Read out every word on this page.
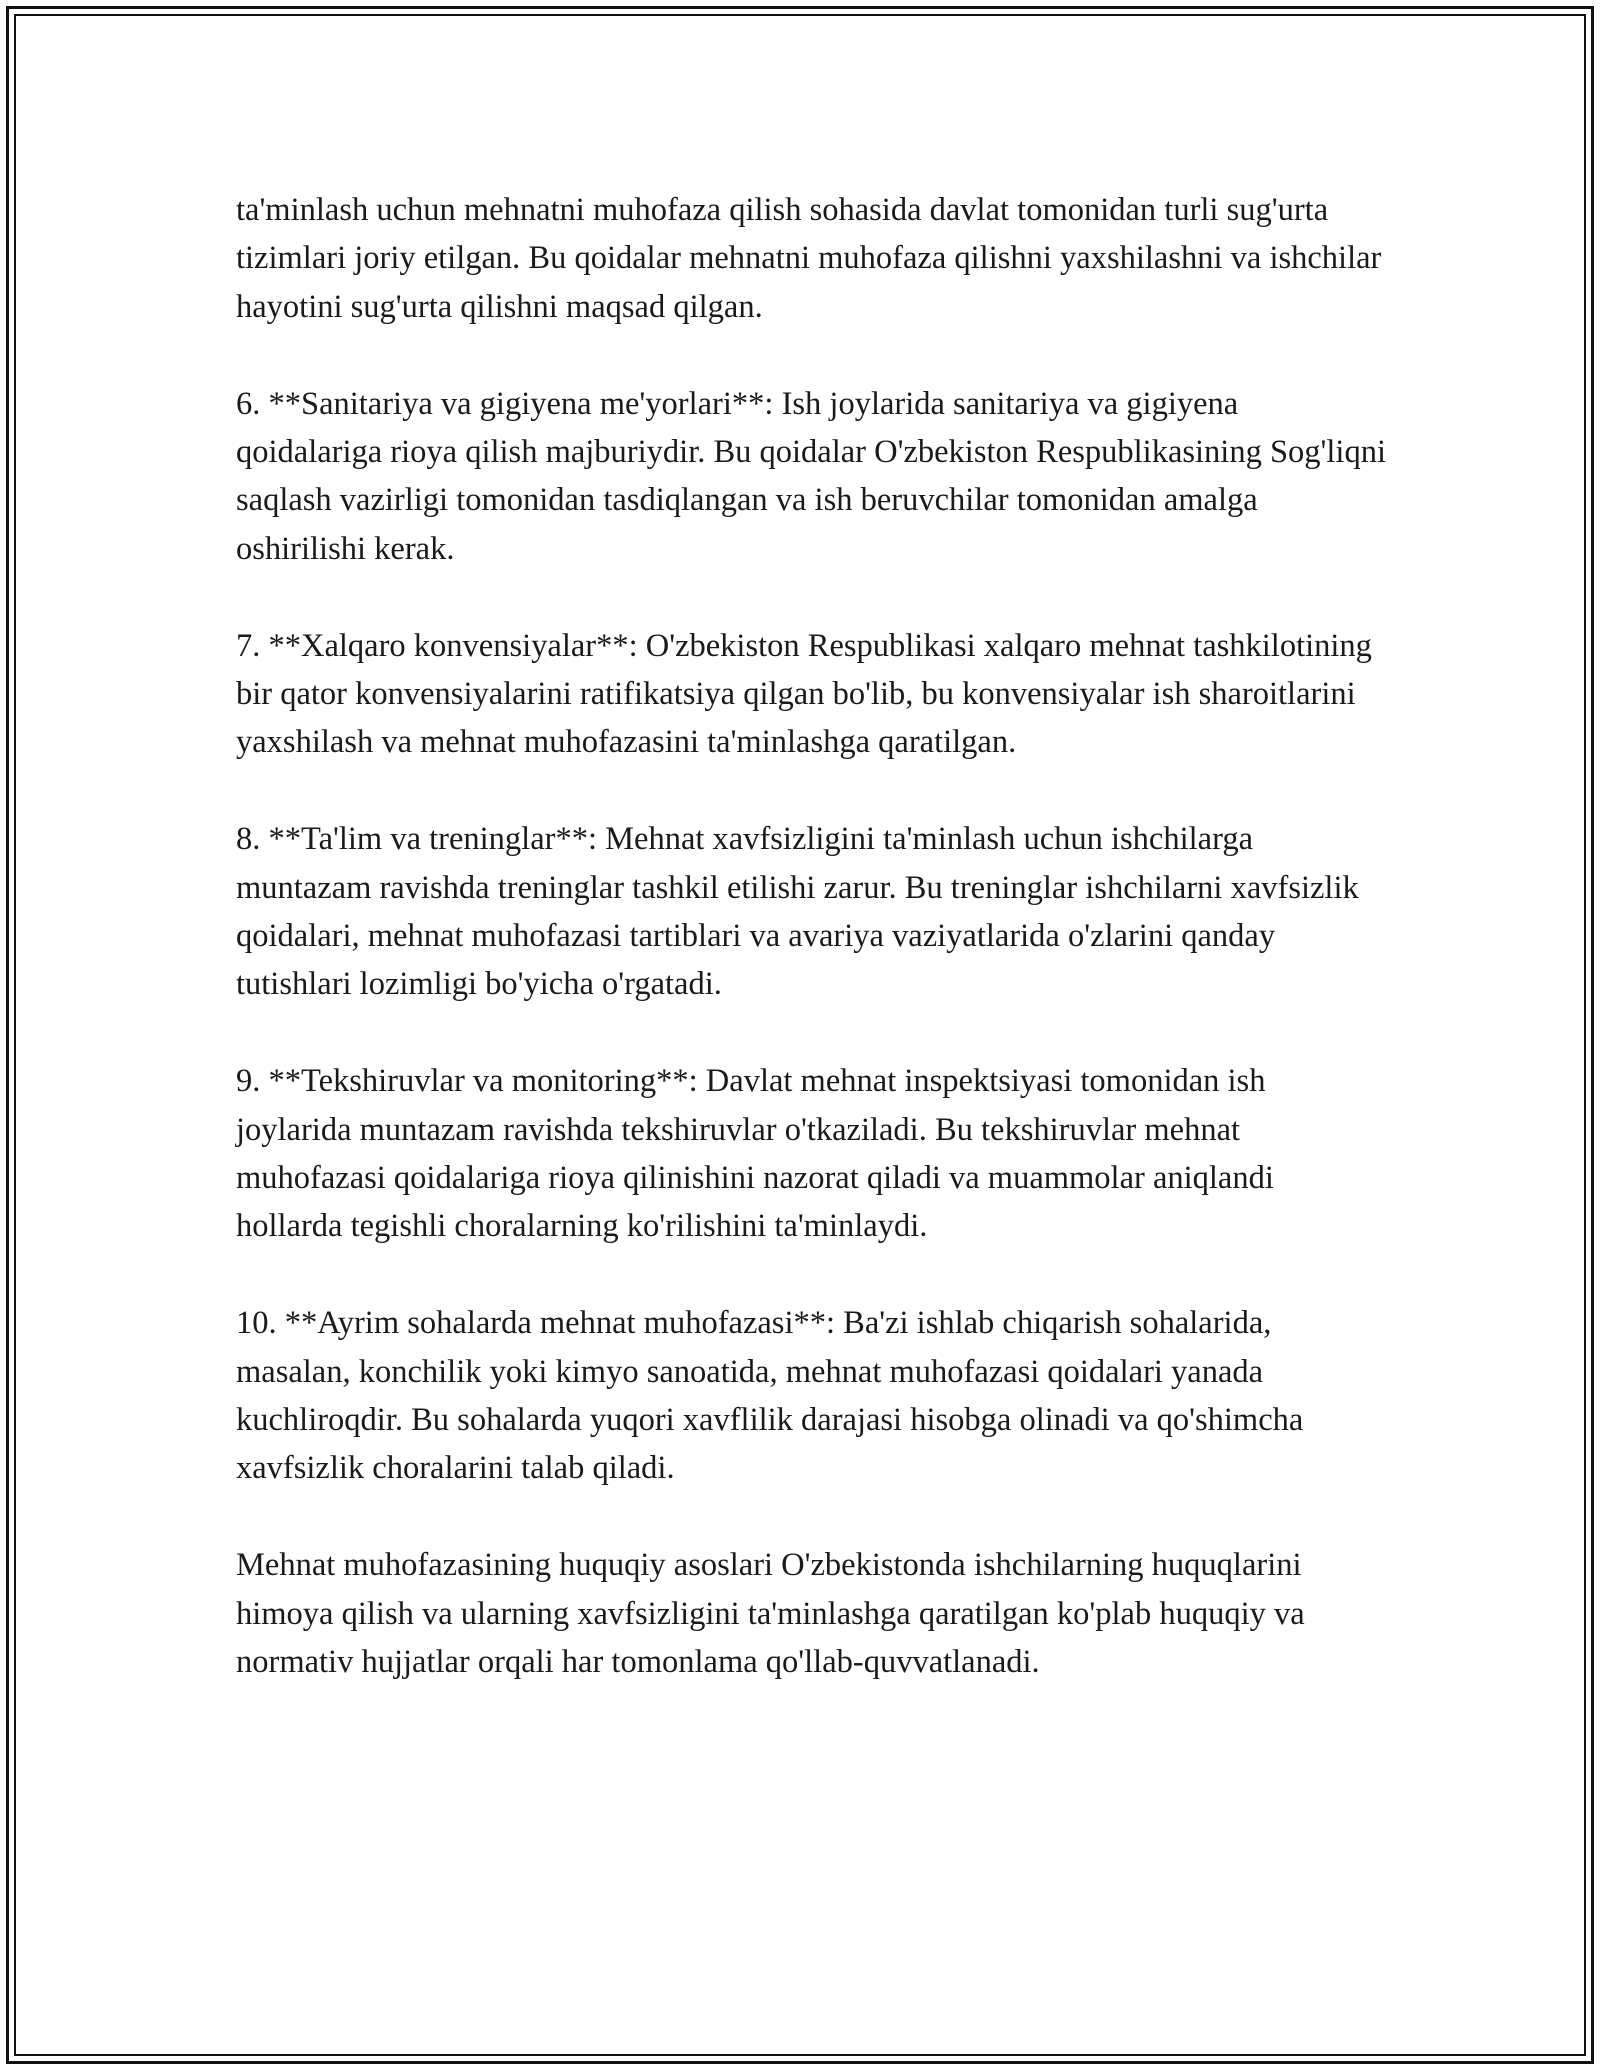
ta'minlash uchun mehnatni muhofaza qilish sohasida davlat tomonidan turli sug'urta tizimlari joriy etilgan. Bu qoidalar mehnatni muhofaza qilishni yaxshilashni va ishchilar hayotini sug'urta qilishni maqsad qilgan.

6. **Sanitariya va gigiyena me'yorlari**: Ish joylarida sanitariya va gigiyena qoidalariga rioya qilish majburiydir. Bu qoidalar O'zbekiston Respublikasining Sog'liqni saqlash vazirligi tomonidan tasdiqlangan va ish beruvchilar tomonidan amalga oshirilishi kerak.

7. **Xalqaro konvensiyalar**: O'zbekiston Respublikasi xalqaro mehnat tashkilotining bir qator konvensiyalarini ratifikatsiya qilgan bo'lib, bu konvensiyalar ish sharoitlarini yaxshilash va mehnat muhofazasini ta'minlashga qaratilgan.

8. **Ta'lim va treninglar**: Mehnat xavfsizligini ta'minlash uchun ishchilarga muntazam ravishda treninglar tashkil etilishi zarur. Bu treninglar ishchilarni xavfsizlik qoidalari, mehnat muhofazasi tartiblari va avariya vaziyatlarida o'zlarini qanday tutishlari lozimligi bo'yicha o'rgatadi.

9. **Tekshiruvlar va monitoring**: Davlat mehnat inspektsiyasi tomonidan ish joylarida muntazam ravishda tekshiruvlar o'tkaziladi. Bu tekshiruvlar mehnat muhofazasi qoidalariga rioya qilinishini nazorat qiladi va muammolar aniqlandi hollarda tegishli choralarning ko'rilishini ta'minlaydi.

10. **Ayrim sohalarda mehnat muhofazasi**: Ba'zi ishlab chiqarish sohalarida, masalan, konchilik yoki kimyo sanoatida, mehnat muhofazasi qoidalari yanada kuchliroqdir. Bu sohalarda yuqori xavflilik darajasi hisobga olinadi va qo'shimcha xavfsizlik choralarini talab qiladi.

Mehnat muhofazasining huquqiy asoslari O'zbekistonda ishchilarning huquqlarini himoya qilish va ularning xavfsizligini ta'minlashga qaratilgan ko'plab huquqiy va normativ hujjatlar orqali har tomonlama qo'llab-quvvatlanadi.
